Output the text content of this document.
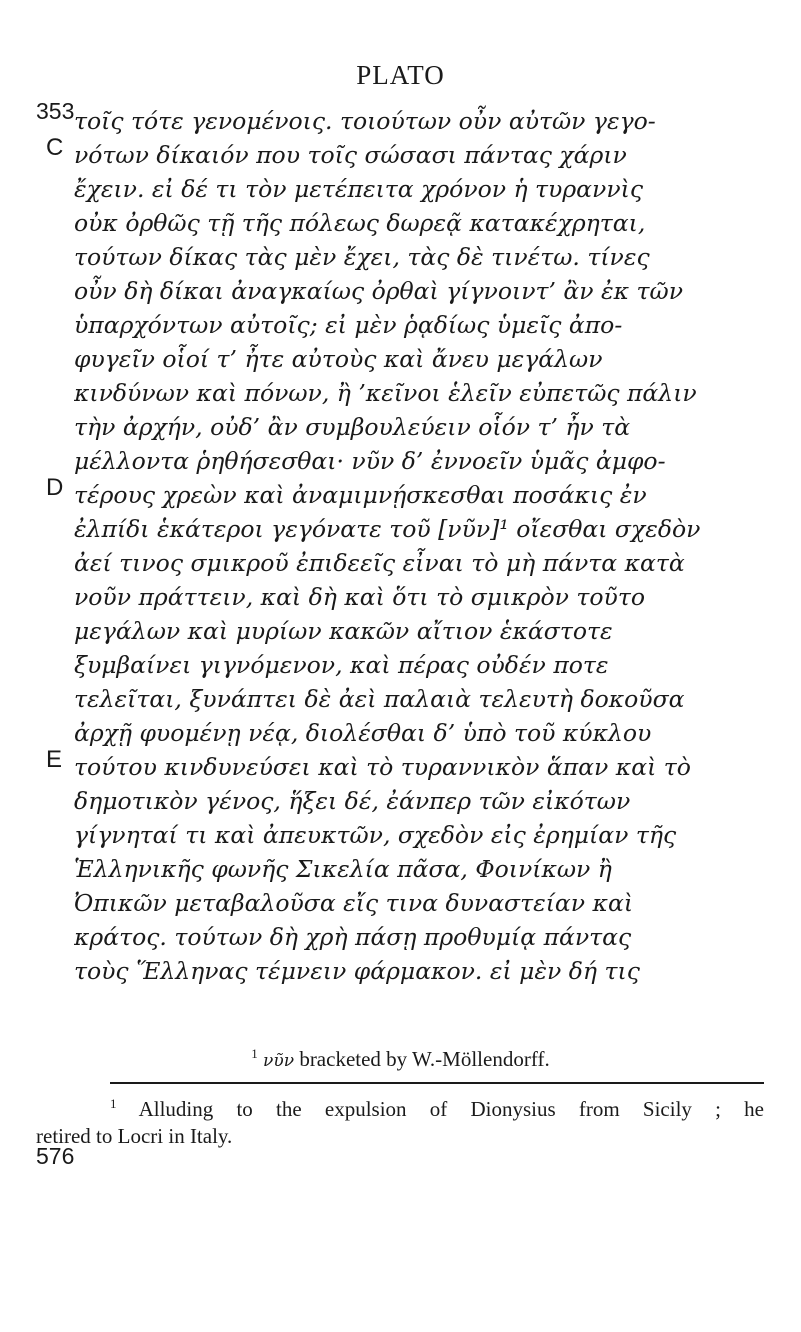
PLATO
353 τοῖς τότε γενομένοις. τοιούτων οὖν αὐτῶν γεγο-
νότων δίκαιόν που τοῖς σώσασι πάντας χάριν
ἔχειν. εἰ δέ τι τὸν μετέπειτα χρόνον ἡ τυραννὶς
οὐκ ὀρθῶς τῇ τῆς πόλεως δωρεᾷ κατακέχρηται,
τούτων δίκας τὰς μὲν ἔχει, τὰς δὲ τινέτω. τίνες
οὖν δὴ δίκαι ἀναγκαίως ὀρθαὶ γίγνοιντ’ ἂν ἐκ τῶν
ὑπαρχόντων αὐτοῖς; εἰ μὲν ῥᾳδίως ὑμεῖς ἀπο-
φυγεῖν οἷοί τ’ ἦτε αὐτοὺς καὶ ἄνευ μεγάλων
κινδύνων καὶ πόνων, ἢ ’κεῖνοι ἑλεῖν εὐπετῶς πάλιν
τὴν ἀρχήν, οὐδ’ ἂν συμβουλεύειν οἷόν τ’ ἦν τὰ
μέλλοντα ῥηθήσεσθαι· νῦν δ’ ἐννοεῖν ὑμᾶς ἀμφο-
τέρους χρεὼν καὶ ἀναμιμνῄσκεσθαι ποσάκις ἐν
ἐλπίδι ἑκάτεροι γεγόνατε τοῦ [νῦν]¹ οἴεσθαι σχεδὸν
ἀεί τινος σμικροῦ ἐπιδεεῖς εἶναι τὸ μὴ πάντα κατὰ
νοῦν πράττειν, καὶ δὴ καὶ ὅτι τὸ σμικρὸν τοῦτο
μεγάλων καὶ μυρίων κακῶν αἴτιον ἑκάστοτε
ξυμβαίνει γιγνόμενον, καὶ πέρας οὐδέν ποτε
τελεῖται, ξυνάπτει δὲ ἀεὶ παλαιὰ τελευτὴ δοκοῦσα
ἀρχῇ φυομένῃ νέᾳ, διολέσθαι δ’ ὑπὸ τοῦ κύκλου
τούτου κινδυνεύσει καὶ τὸ τυραννικὸν ἅπαν καὶ τὸ
δημοτικὸν γένος, ἥξει δέ, ἐάνπερ τῶν εἰκότων
γίγνηταί τι καὶ ἀπευκτῶν, σχεδὸν εἰς ἐρημίαν τῆς
Ἑλληνικῆς φωνῆς Σικελία πᾶσα, Φοινίκων ἢ
Ὀπικῶν μεταβαλοῦσα εἴς τινα δυναστείαν καὶ
κράτος. τούτων δὴ χρὴ πάσῃ προθυμίᾳ πάντας
τοὺς Ἕλληνας τέμνειν φάρμακον. εἰ μὲν δή τις
C
D
E
$^1$ νῦν bracketed by W.-Möllendorff.
$^1$ Alluding to the expulsion of Dionysius from Sicily ; he
retired to Locri in Italy.
576
